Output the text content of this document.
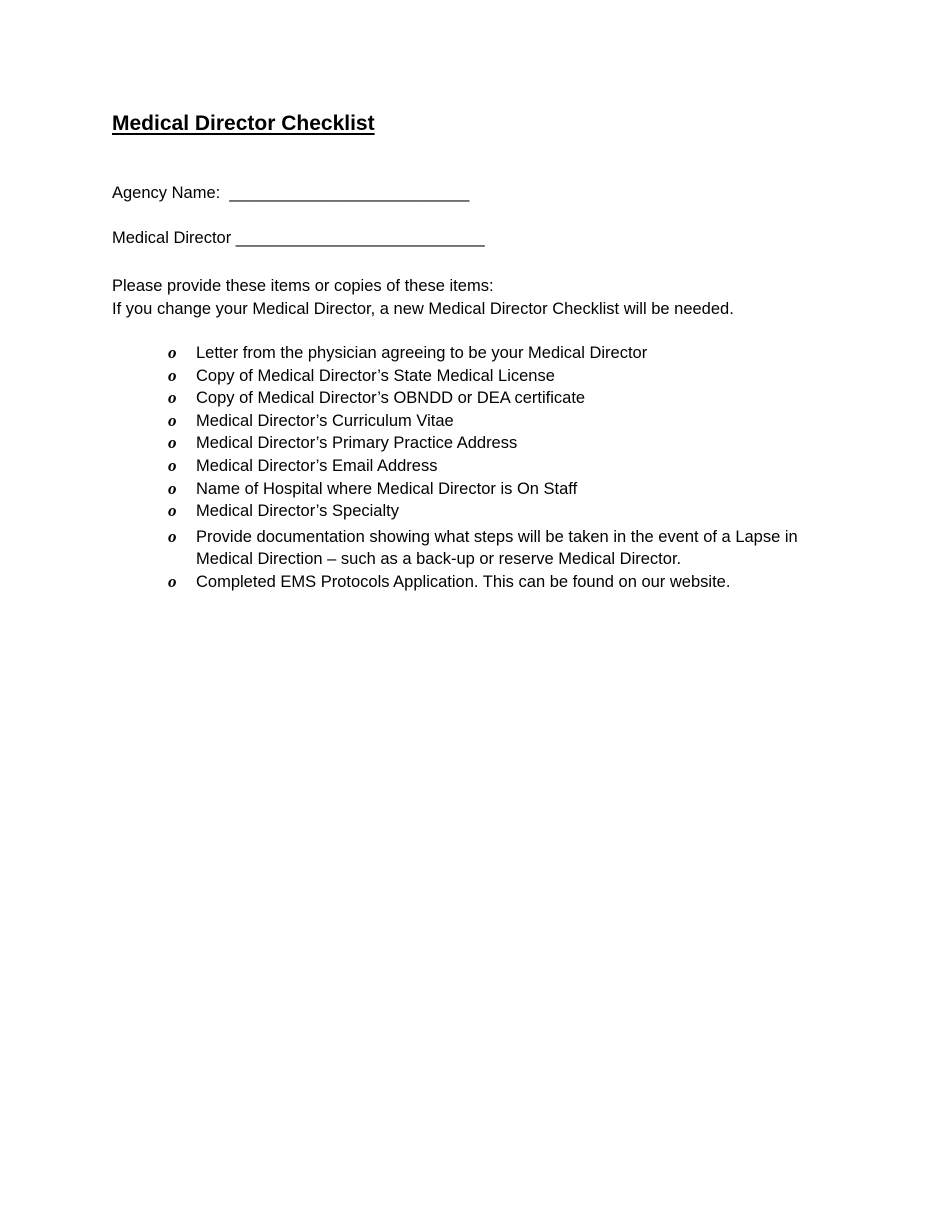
Medical Director Checklist
Agency Name: ___________________________
Medical Director ____________________________
Please provide these items or copies of these items:
If you change your Medical Director, a new Medical Director Checklist will be needed.
o Letter from the physician agreeing to be your Medical Director
o Copy of Medical Director’s State Medical License
o Copy of Medical Director’s OBNDD or DEA certificate
o Medical Director’s Curriculum Vitae
o Medical Director’s Primary Practice Address
o Medical Director’s Email Address
o Name of Hospital where Medical Director is On Staff
o Medical Director’s Specialty
o Provide documentation showing what steps will be taken in the event of a Lapse in Medical Direction – such as a back-up or reserve Medical Director.
o Completed EMS Protocols Application. This can be found on our website.
